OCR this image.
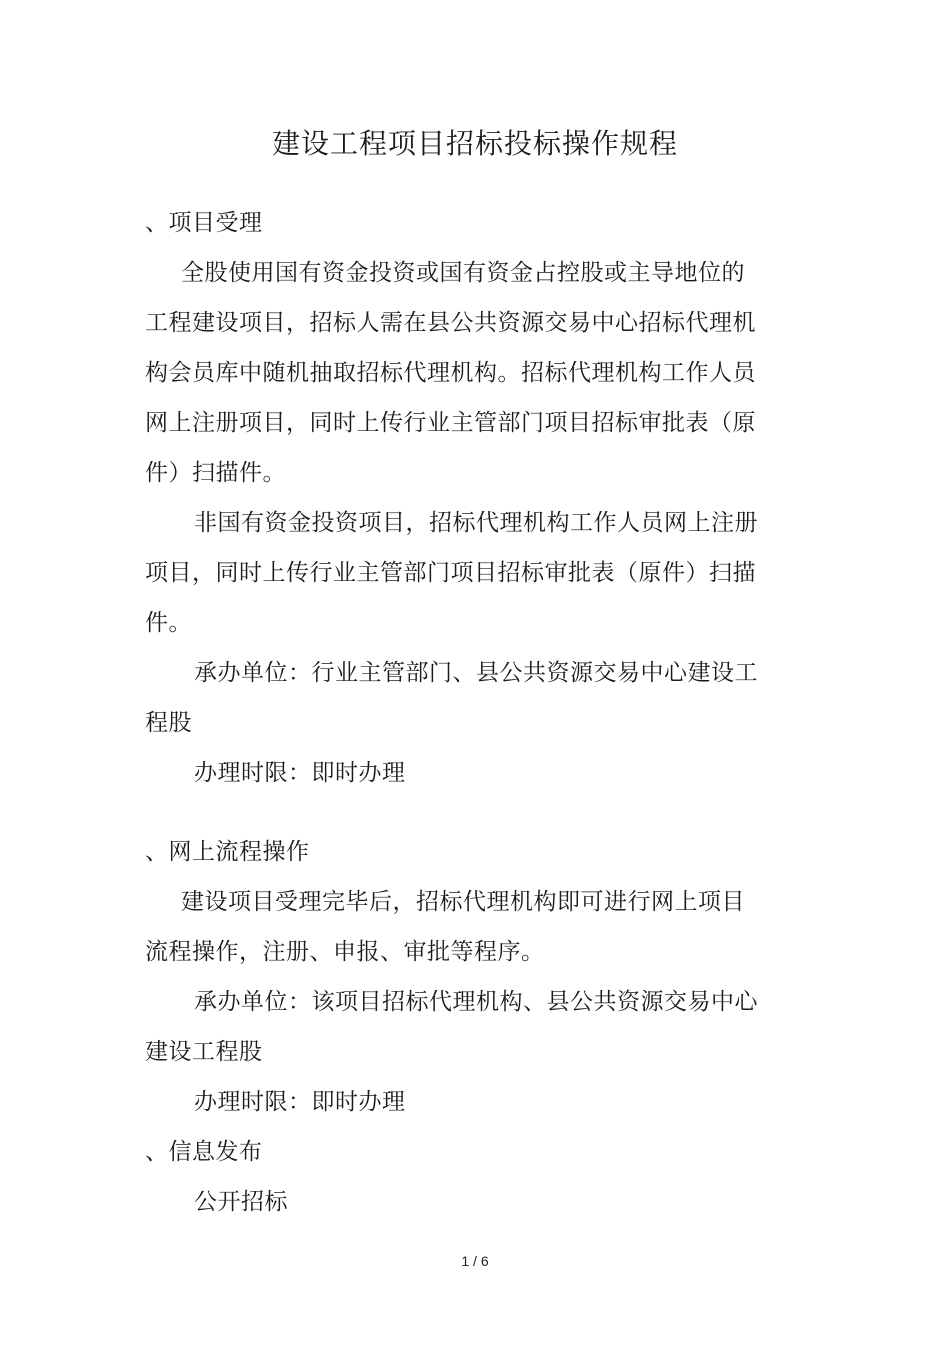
建设工程项目招标投标操作规程
、项目受理
全股使用国有资金投资或国有资金占控股或主导地位的
工程建设项目，招标人需在县公共资源交易中心招标代理机
构会员库中随机抽取招标代理机构。招标代理机构工作人员
网上注册项目，同时上传行业主管部门项目招标审批表（原
件）扫描件。
非国有资金投资项目，招标代理机构工作人员网上注册
项目，同时上传行业主管部门项目招标审批表（原件）扫描
件。
承办单位：行业主管部门、县公共资源交易中心建设工
程股
办理时限：即时办理
、网上流程操作
建设项目受理完毕后，招标代理机构即可进行网上项目
流程操作，注册、申报、审批等程序。
承办单位：该项目招标代理机构、县公共资源交易中心
建设工程股
办理时限：即时办理
、信息发布
公开招标
1 / 6
